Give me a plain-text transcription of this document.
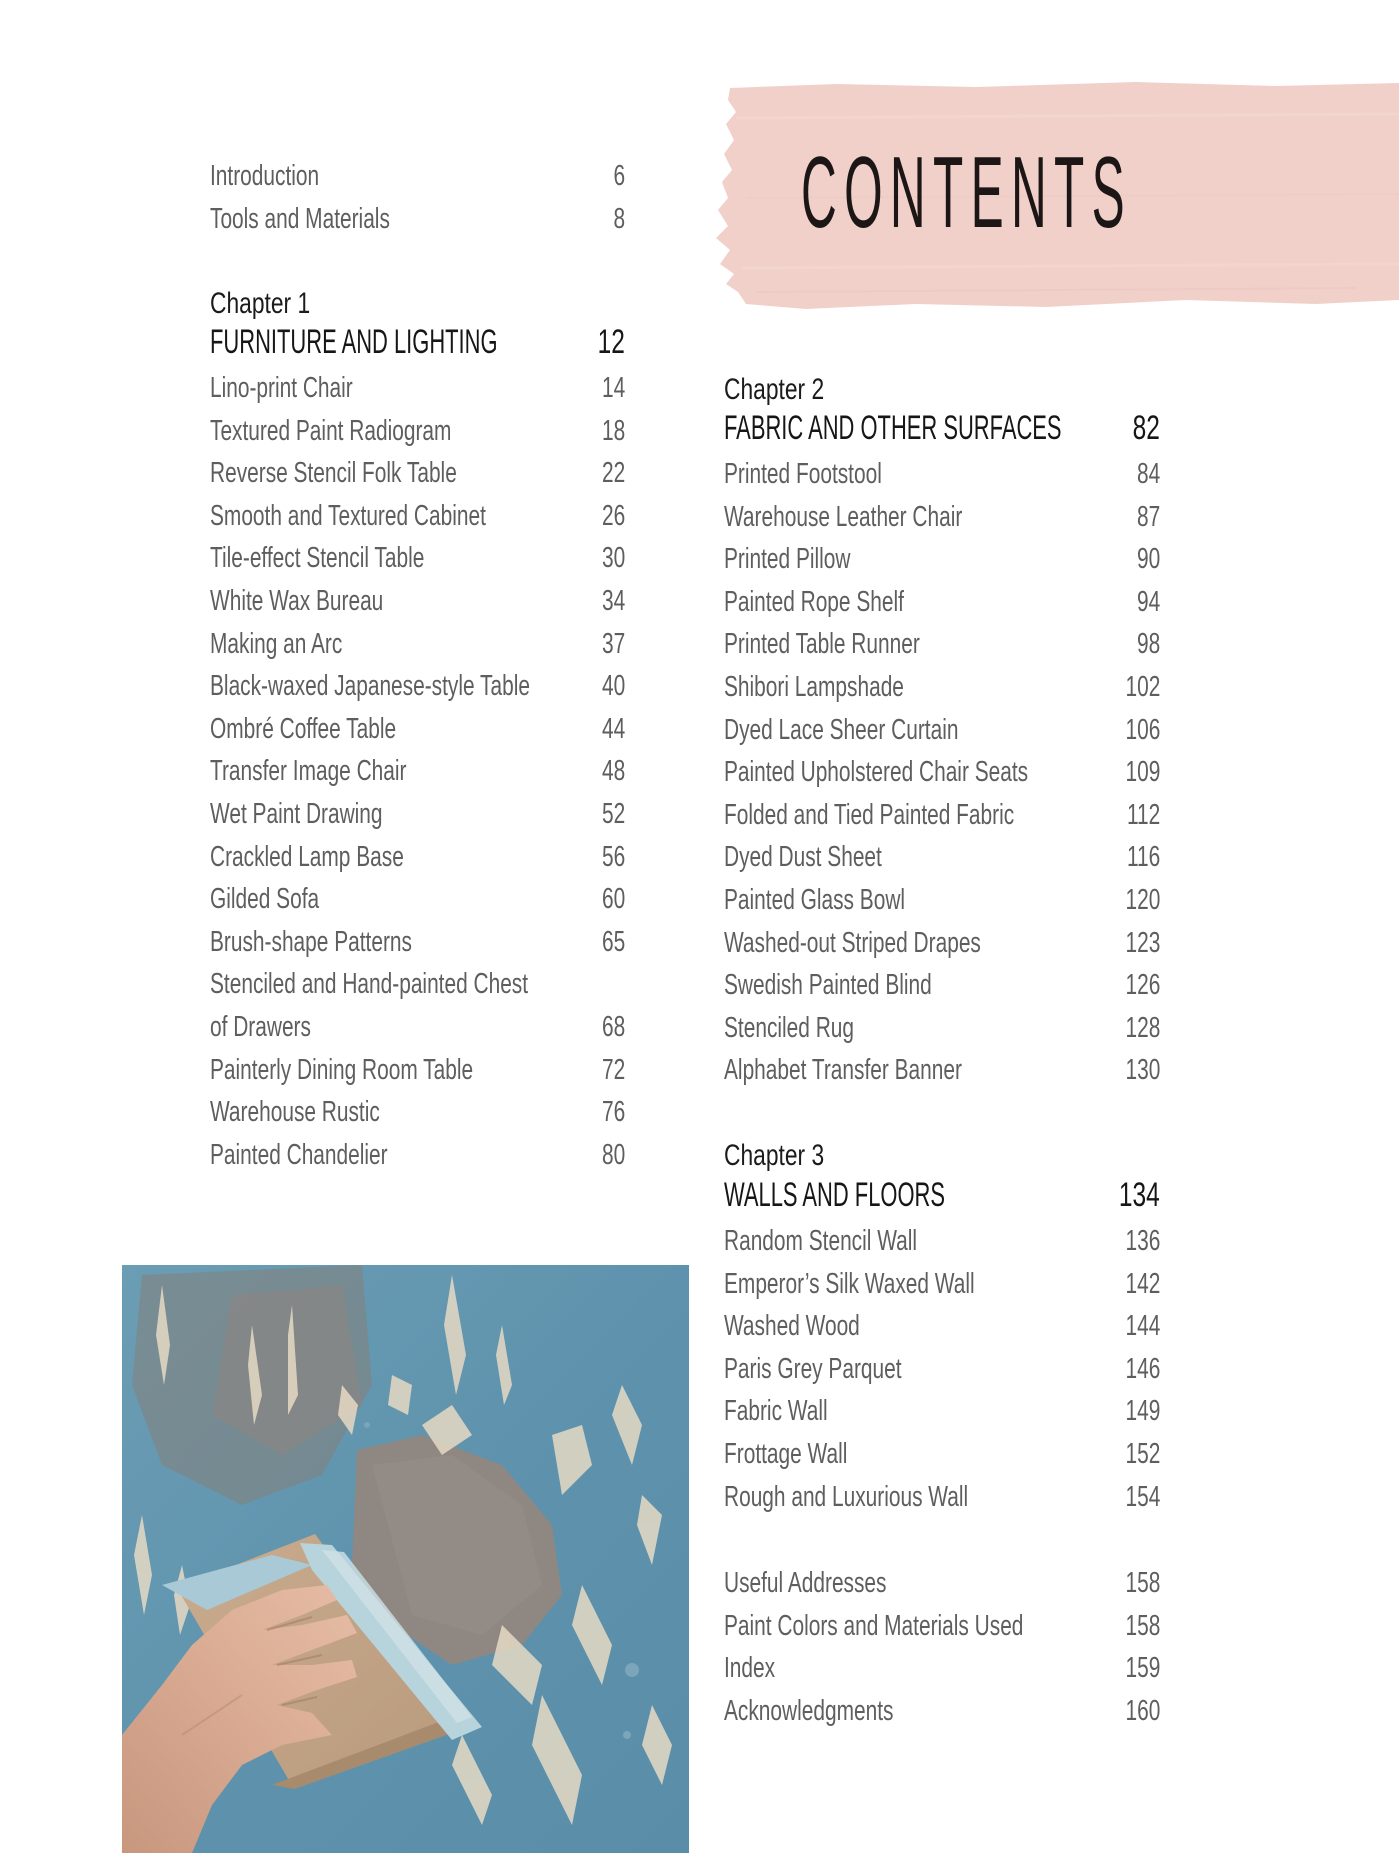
CONTENTS
Introduction	6
Tools and Materials	8
Chapter 1
FURNITURE AND LIGHTING	12
Lino-print Chair	14
Textured Paint Radiogram	18
Reverse Stencil Folk Table	22
Smooth and Textured Cabinet	26
Tile-effect Stencil Table	30
White Wax Bureau	34
Making an Arc	37
Black-waxed Japanese-style Table 40
Ombré Coffee Table	44
Transfer Image Chair	48
Wet Paint Drawing	52
Crackled Lamp Base	56
Gilded Sofa	60
Brush-shape Patterns	65
Stenciled and Hand-painted Chest
of Drawers	68
Painterly Dining Room Table	72
Warehouse Rustic	76
Painted Chandelier	80
Chapter 2
FABRIC AND OTHER SURFACES 82
Printed Footstool	84
Warehouse Leather Chair	87
Printed Pillow	90
Painted Rope Shelf	94
Printed Table Runner	98
Shibori Lampshade	102
Dyed Lace Sheer Curtain	106
Painted Upholstered Chair Seats	109
Folded and Tied Painted Fabric	112
Dyed Dust Sheet	116
Painted Glass Bowl	120
Washed-out Striped Drapes	123
Swedish Painted Blind	126
Stenciled Rug	128
Alphabet Transfer Banner	130
Chapter 3
WALLS AND FLOORS	134
Random Stencil Wall	136
Emperor’s Silk Waxed Wall	142
Washed Wood	144
Paris Grey Parquet	146
Fabric Wall	149
Frottage Wall	152
Rough and Luxurious Wall	154
Useful Addresses	158
Paint Colors and Materials Used	158
Index	159
Acknowledgments	160
